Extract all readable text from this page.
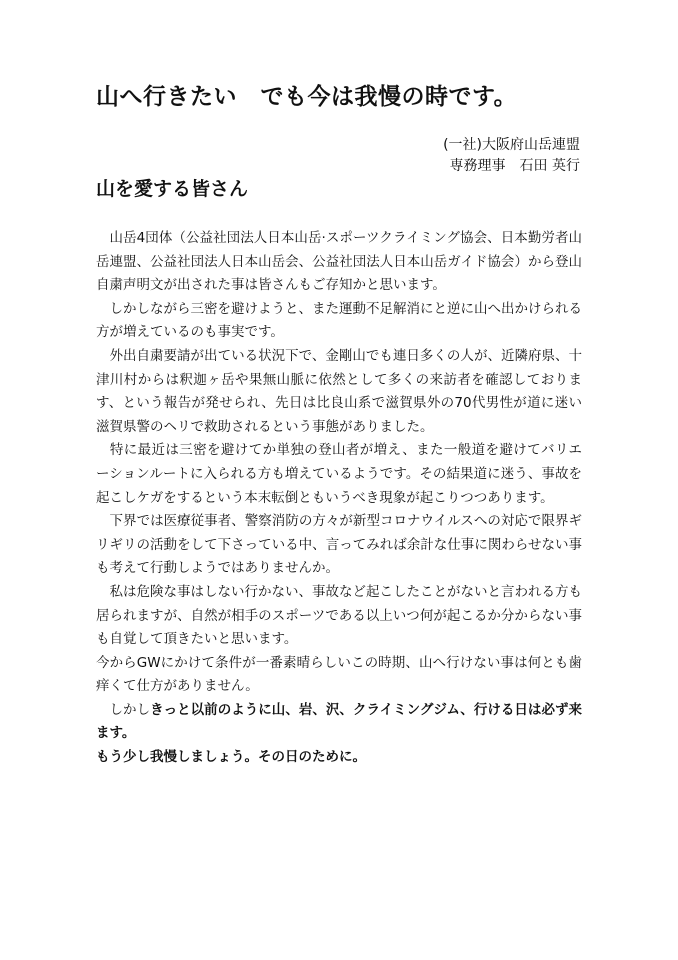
山へ行きたい　でも今は我慢の時です。
(一社)大阪府山岳連盟
専務理事　石田 英行
山を愛する皆さん

　山岳4団体（公益社団法人日本山岳·スポーツクライミング協会、日本勤労者山岳連盟、公益社団法人日本山岳会、公益社団法人日本山岳ガイド協会）から登山自粛声明文が出された事は皆さんもご存知かと思います。

　しかしながら三密を避けようと、また運動不足解消にと逆に山へ出かけられる方が増えているのも事実です。

　外出自粛要請が出ている状況下で、金剛山でも連日多くの人が、近隣府県、十津川村からは釈迦ヶ岳や果無山脈に依然として多くの来訪者を確認しております、という報告が発せられ、先日は比良山系で滋賀県外の70代男性が道に迷い滋賀県警のヘリで救助されるという事態がありました。

　特に最近は三密を避けてか単独の登山者が増え、また一般道を避けてバリエーションルートに入られる方も増えているようです。その結果道に迷う、事故を起こしケガをするという本末転倒ともいうべき現象が起こりつつあります。

　下界では医療従事者、警察消防の方々が新型コロナウイルスへの対応で限界ギリギリの活動をして下さっている中、言ってみれば余計な仕事に関わらせない事も考えて行動しようではありませんか。

　私は危険な事はしない行かない、事故など起こしたことがないと言われる方も居られますが、自然が相手のスポーツである以上いつ何が起こるか分からない事も自覚して頂きたいと思います。

今からGWにかけて条件が一番素晴らしいこの時期、山へ行けない事は何とも歯痒くて仕方がありません。

　しかしきっと以前のように山、岩、沢、クライミングジム、行ける日は必ず来ます。

もう少し我慢しましょう。その日のために。
